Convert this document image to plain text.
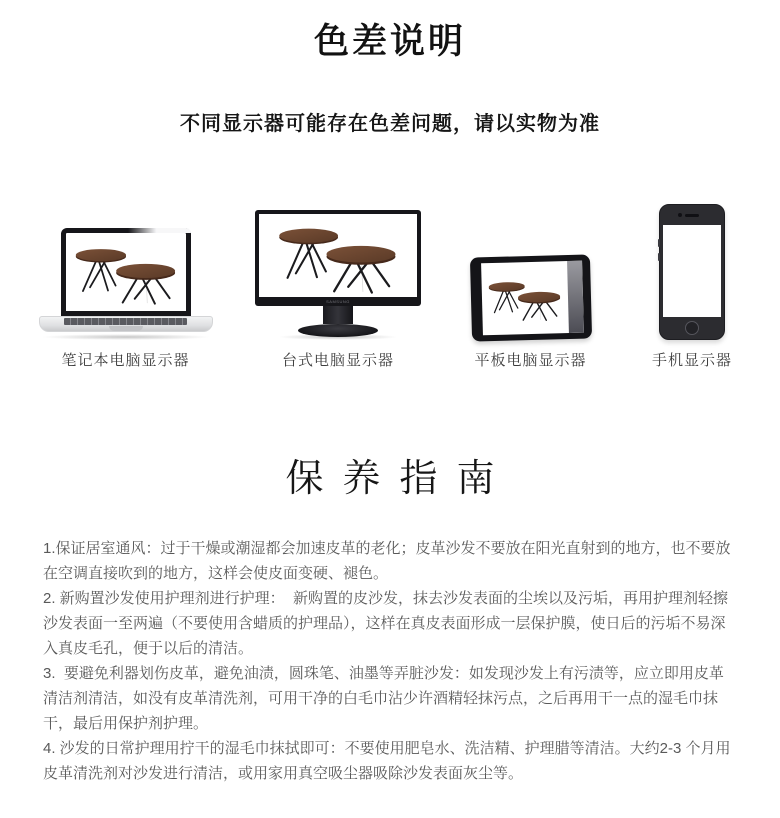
色差说明

不同显示器可能存在色差问题，请以实物为准

笔记本电脑显示器
SAMSUNG
台式电脑显示器	平板电脑显示器	手机显示器
保养指南

1.保证居室通风：过于干燥或潮湿都会加速皮革的老化；皮革沙发不要放在阳光直射到的地方，也不要放在空调直接吹到的地方，这样会使皮面变硬、褪色。

2. 新购置沙发使用护理剂进行护理：  新购置的皮沙发，抹去沙发表面的尘埃以及污垢，再用护理剂轻擦沙发表面一至两遍（不要使用含蜡质的护理品），这样在真皮表面形成一层保护膜，使日后的污垢不易深入真皮毛孔，便于以后的清洁。

3.  要避免利器划伤皮革，避免油渍，圆珠笔、油墨等弄脏沙发：如发现沙发上有污渍等，应立即用皮革清洁剂清洁，如没有皮革清洗剂，可用干净的白毛巾沾少许酒精轻抹污点，之后再用干一点的湿毛巾抹干，最后用保护剂护理。

4. 沙发的日常护理用拧干的湿毛巾抹拭即可：不要使用肥皂水、洗洁精、护理腊等清洁。大约2-3 个月用皮革清洗剂对沙发进行清洁，或用家用真空吸尘器吸除沙发表面灰尘等。
